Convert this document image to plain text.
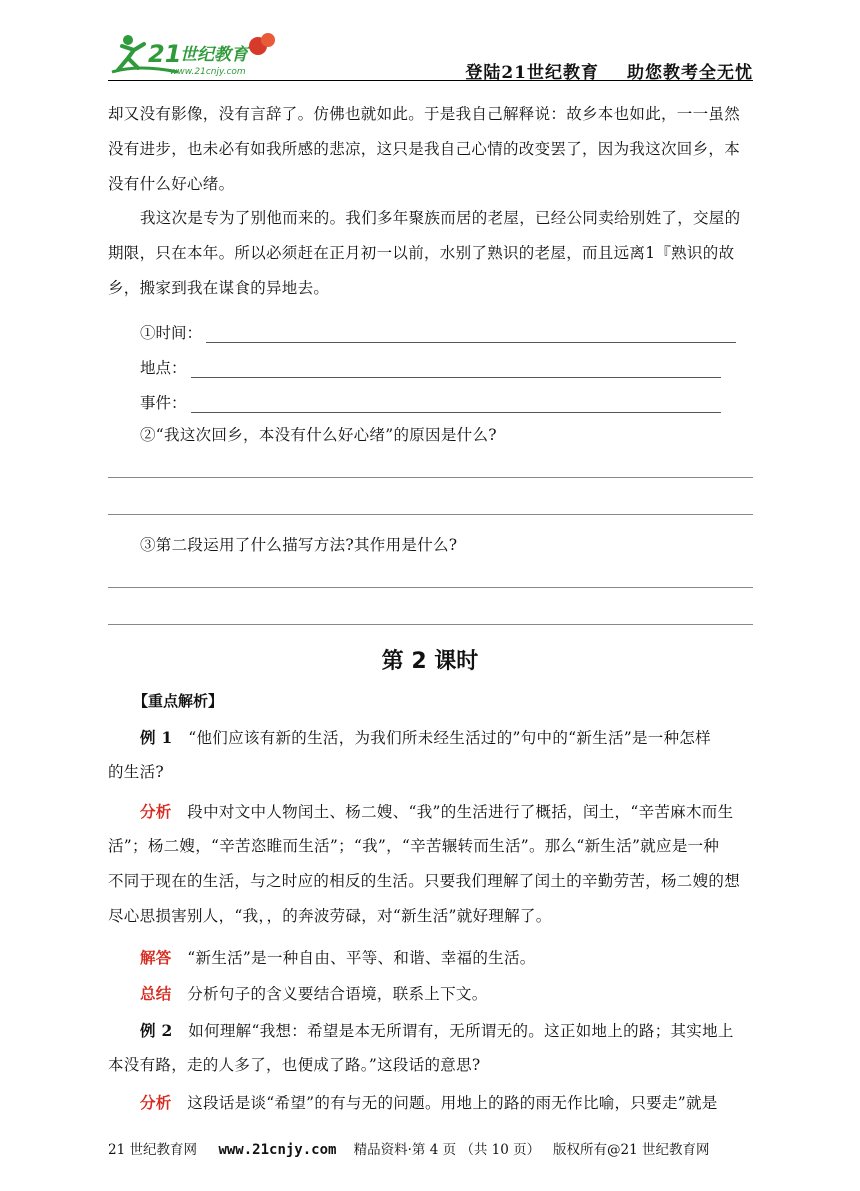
21
世纪教育
www.21cnjy.com	登陆21世纪教育 助您教考全无忧
却又没有影像，没有言辞了。仿佛也就如此。于是我自己解释说：故乡本也如此，一一虽然
没有进步，也未必有如我所感的悲凉，这只是我自己心情的改变罢了，因为我这次回乡，本
没有什么好心绪。
我这次是专为了别他而来的。我们多年聚族而居的老屋，已经公同卖给别姓了，交屋的
期限，只在本年。所以必须赶在正月初一以前，水别了熟识的老屋，而且远离1『熟识的故
乡，搬家到我在谋食的异地去。
①时间：
地点：
事件：
②“我这次回乡，本没有什么好心绪”的原因是什么?
③第二段运用了什么描写方法?其作用是什么?
第 2 课时
【重点解析】
例 1 “他们应该有新的生活，为我们所未经生活过的”句中的“新生活”是一种怎样
的生活?
分析 段中对文中人物闰土、杨二嫂、“我”的生活进行了概括，闰土，“辛苦麻木而生
活”；杨二嫂，“辛苦恣睢而生活”；“我”，“辛苦辗转而生活”。那么“新生活”就应是一种
不同于现在的生活，与之时应的相反的生活。只要我们理解了闰土的辛勤劳苦，杨二嫂的想
尽心思损害别人，“我，，的奔波劳碌，对“新生活”就好理解了。
解答 “新生活”是一种自由、平等、和谐、幸福的生活。
总结 分析句子的含义要结合语境，联系上下文。
例 2 如何理解“我想：希望是本无所谓有，无所谓无的。这正如地上的路；其实地上
本没有路，走的人多了，也便成了路。”这段话的意思?
分析 这段话是谈“希望”的有与无的问题。用地上的路的雨无作比喻，只要走”就是
21 世纪教育网 www.21cnjy.com 精品资料·第 4 页 （共 10 页） 版权所有@21 世纪教育网
